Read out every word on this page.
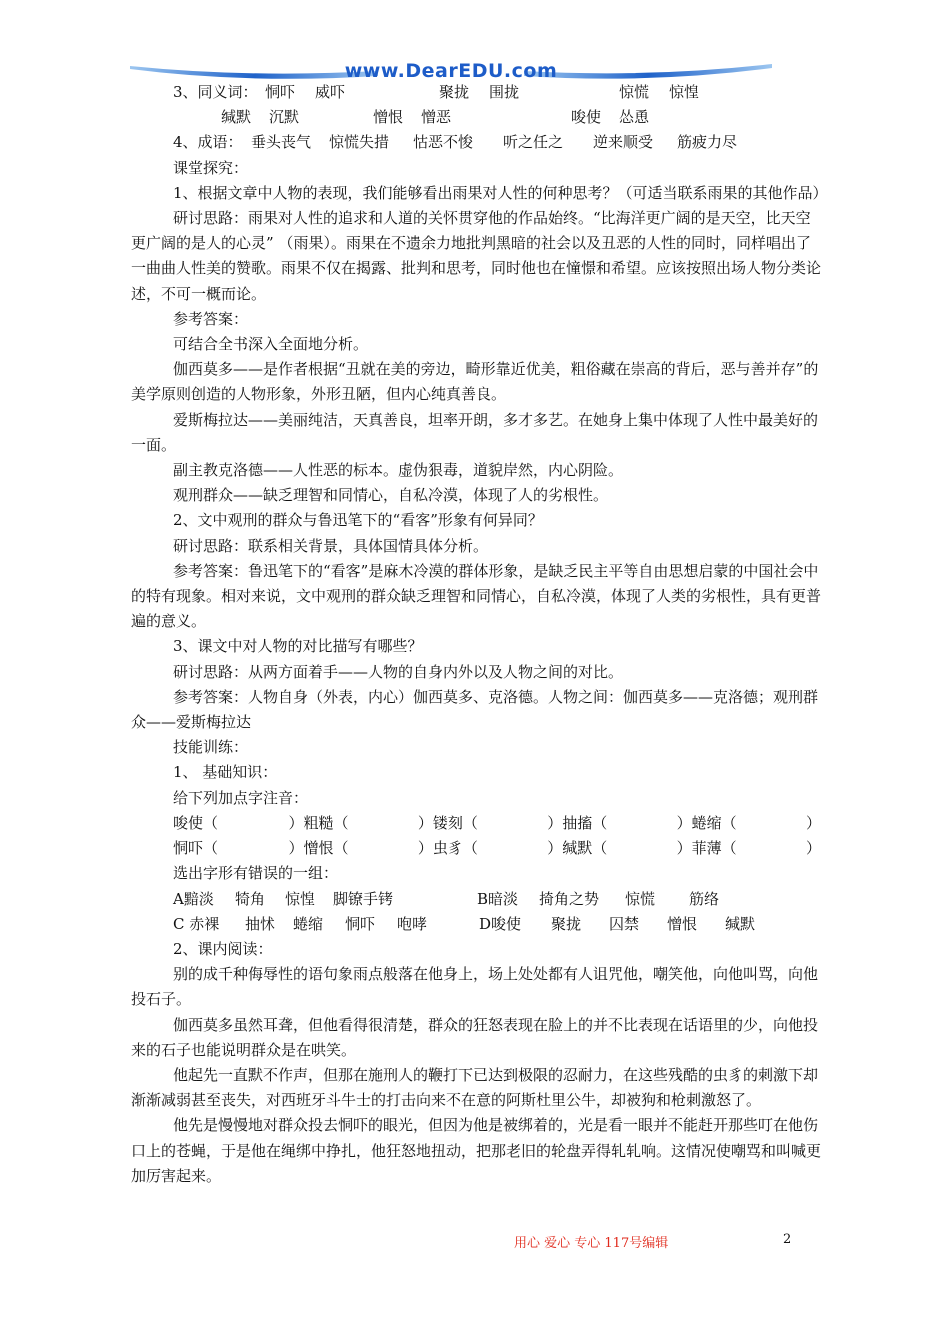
www.DearEDU.com
3、同义词： 恫吓	威吓	聚拢	围拢	惊慌	惊惶
缄默	沉默	憎恨	憎恶	唆使	怂恿
4、成语： 垂头丧气	惊慌失措	怙恶不悛	听之任之	逆来顺受	筋疲力尽

课堂探究：

1、根据文章中人物的表现，我们能够看出雨果对人性的何种思考？（可适当联系雨果的其他作品）

研讨思路：雨果对人性的追求和人道的关怀贯穿他的作品始终。“比海洋更广阔的是天空，比天空更广阔的是人的心灵” （雨果）。雨果在不遗余力地批判黑暗的社会以及丑恶的人性的同时，同样唱出了一曲曲人性美的赞歌。雨果不仅在揭露、批判和思考，同时他也在憧憬和希望。应该按照出场人物分类论述，不可一概而论。

参考答案：

可结合全书深入全面地分析。

伽西莫多——是作者根据“丑就在美的旁边，畸形靠近优美，粗俗藏在崇高的背后，恶与善并存”的美学原则创造的人物形象，外形丑陋，但内心纯真善良。

爱斯梅拉达——美丽纯洁，天真善良，坦率开朗，多才多艺。在她身上集中体现了人性中最美好的一面。

副主教克洛德——人性恶的标本。虚伪狠毒，道貌岸然，内心阴险。

观刑群众——缺乏理智和同情心，自私冷漠，体现了人的劣根性。

2、文中观刑的群众与鲁迅笔下的“看客”形象有何异同？

研讨思路：联系相关背景，具体国情具体分析。

参考答案：鲁迅笔下的“看客”是麻木冷漠的群体形象，是缺乏民主平等自由思想启蒙的中国社会中的特有现象。相对来说，文中观刑的群众缺乏理智和同情心，自私冷漠，体现了人类的劣根性，具有更普遍的意义。

3、课文中对人物的对比描写有哪些？

研讨思路：从两方面着手——人物的自身内外以及人物之间的对比。

参考答案：人物自身（外表，内心）伽西莫多、克洛德。人物之间：伽西莫多——克洛德；观刑群众——爱斯梅拉达

技能训练：

1、 基础知识：

给下列加点字注音：

唆使（	）粗糙（	）镂刻（	）抽搐（	）蜷缩（	）
恫吓（	）憎恨（	）虫豸（	）缄默（	）菲薄（	）

选出字形有错误的一组：

A黯淡	犄角	惊惶	脚镣手铐	B暗淡	掎角之势	惊慌	筋络
C 赤裸	抽怵	蜷缩	恫吓	咆哮	D唆使	聚拢	囚禁	憎恨	缄默

2、课内阅读：

别的成千种侮辱性的语句象雨点般落在他身上，场上处处都有人诅咒他，嘲笑他，向他叫骂，向他投石子。

伽西莫多虽然耳聋，但他看得很清楚，群众的狂怒表现在脸上的并不比表现在话语里的少，向他投来的石子也能说明群众是在哄笑。

他起先一直默不作声，但那在施刑人的鞭打下已达到极限的忍耐力，在这些残酷的虫豸的刺激下却渐渐减弱甚至丧失，对西班牙斗牛士的打击向来不在意的阿斯杜里公牛，却被狗和枪刺激怒了。

他先是慢慢地对群众投去恫吓的眼光，但因为他是被绑着的，光是看一眼并不能赶开那些叮在他伤口上的苍蝇，于是他在绳绑中挣扎，他狂怒地扭动，把那老旧的轮盘弄得轧轧响。这情况使嘲骂和叫喊更加厉害起来。

用心 爱心 专心 117号编辑	2
